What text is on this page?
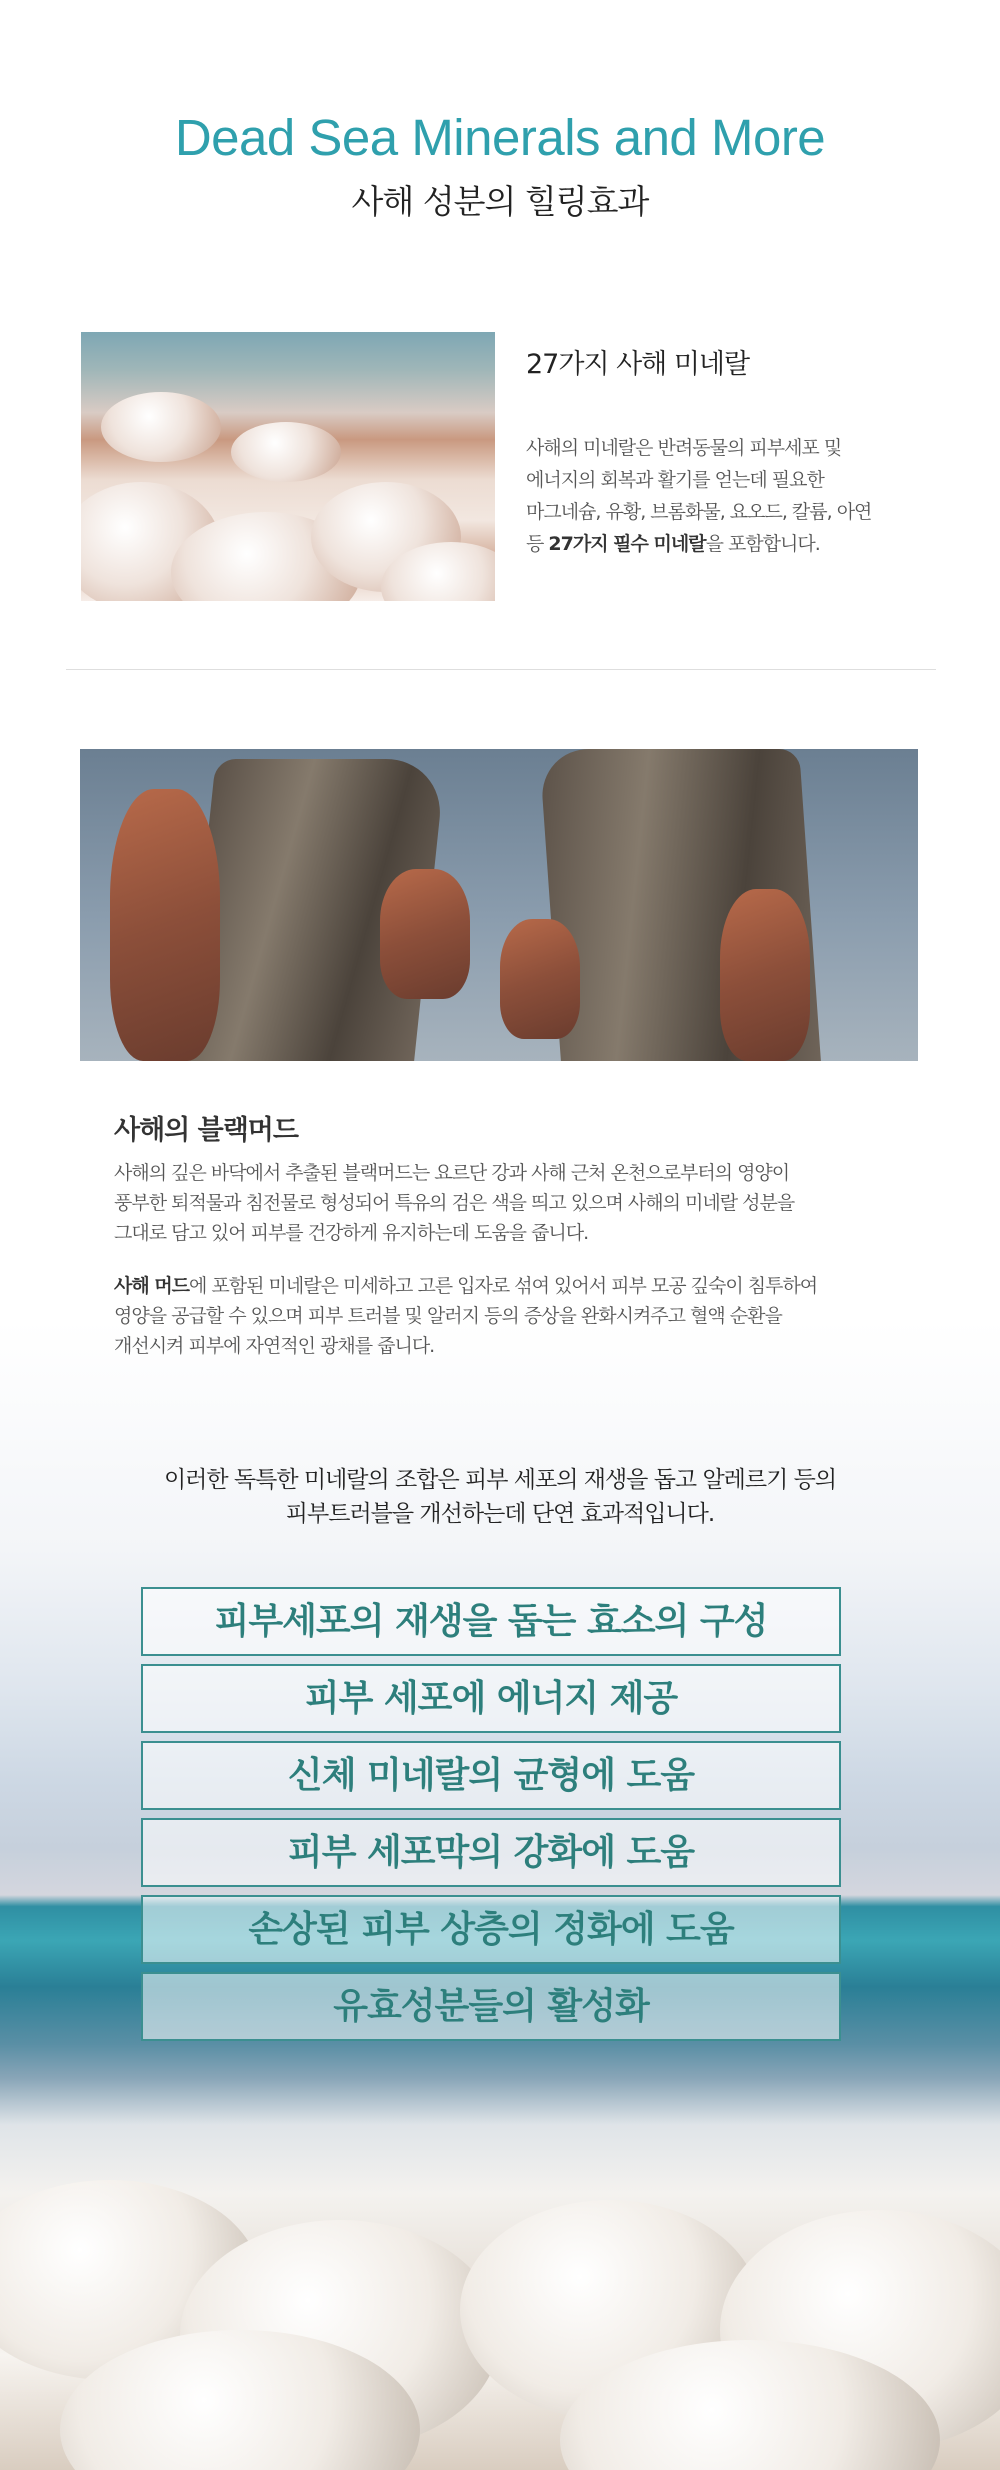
Dead Sea Minerals and More
사해 성분의 힐링효과
27가지 사해 미네랄
사해의 미네랄은 반려동물의 피부세포 및
에너지의 회복과 활기를 얻는데 필요한
마그네슘, 유황, 브롬화물, 요오드, 칼륨, 아연
등 27가지 필수 미네랄을 포함합니다.
사해의 블랙머드
사해의 깊은 바닥에서 추출된 블랙머드는 요르단 강과 사해 근처 온천으로부터의 영양이
풍부한 퇴적물과 침전물로 형성되어 특유의 검은 색을 띄고 있으며 사해의 미네랄 성분을
그대로 담고 있어 피부를 건강하게 유지하는데 도움을 줍니다.
사해 머드에 포함된 미네랄은 미세하고 고른 입자로 섞여 있어서 피부 모공 깊숙이 침투하여
영양을 공급할 수 있으며 피부 트러블 및 알러지 등의 증상을 완화시켜주고 혈액 순환을
개선시켜 피부에 자연적인 광채를 줍니다.
이러한 독특한 미네랄의 조합은 피부 세포의 재생을 돕고 알레르기 등의
피부트러블을 개선하는데 단연 효과적입니다.
피부세포의 재생을 돕는 효소의 구성
피부 세포에 에너지 제공
신체 미네랄의 균형에 도움
피부 세포막의 강화에 도움
손상된 피부 상층의 정화에 도움
유효성분들의 활성화
